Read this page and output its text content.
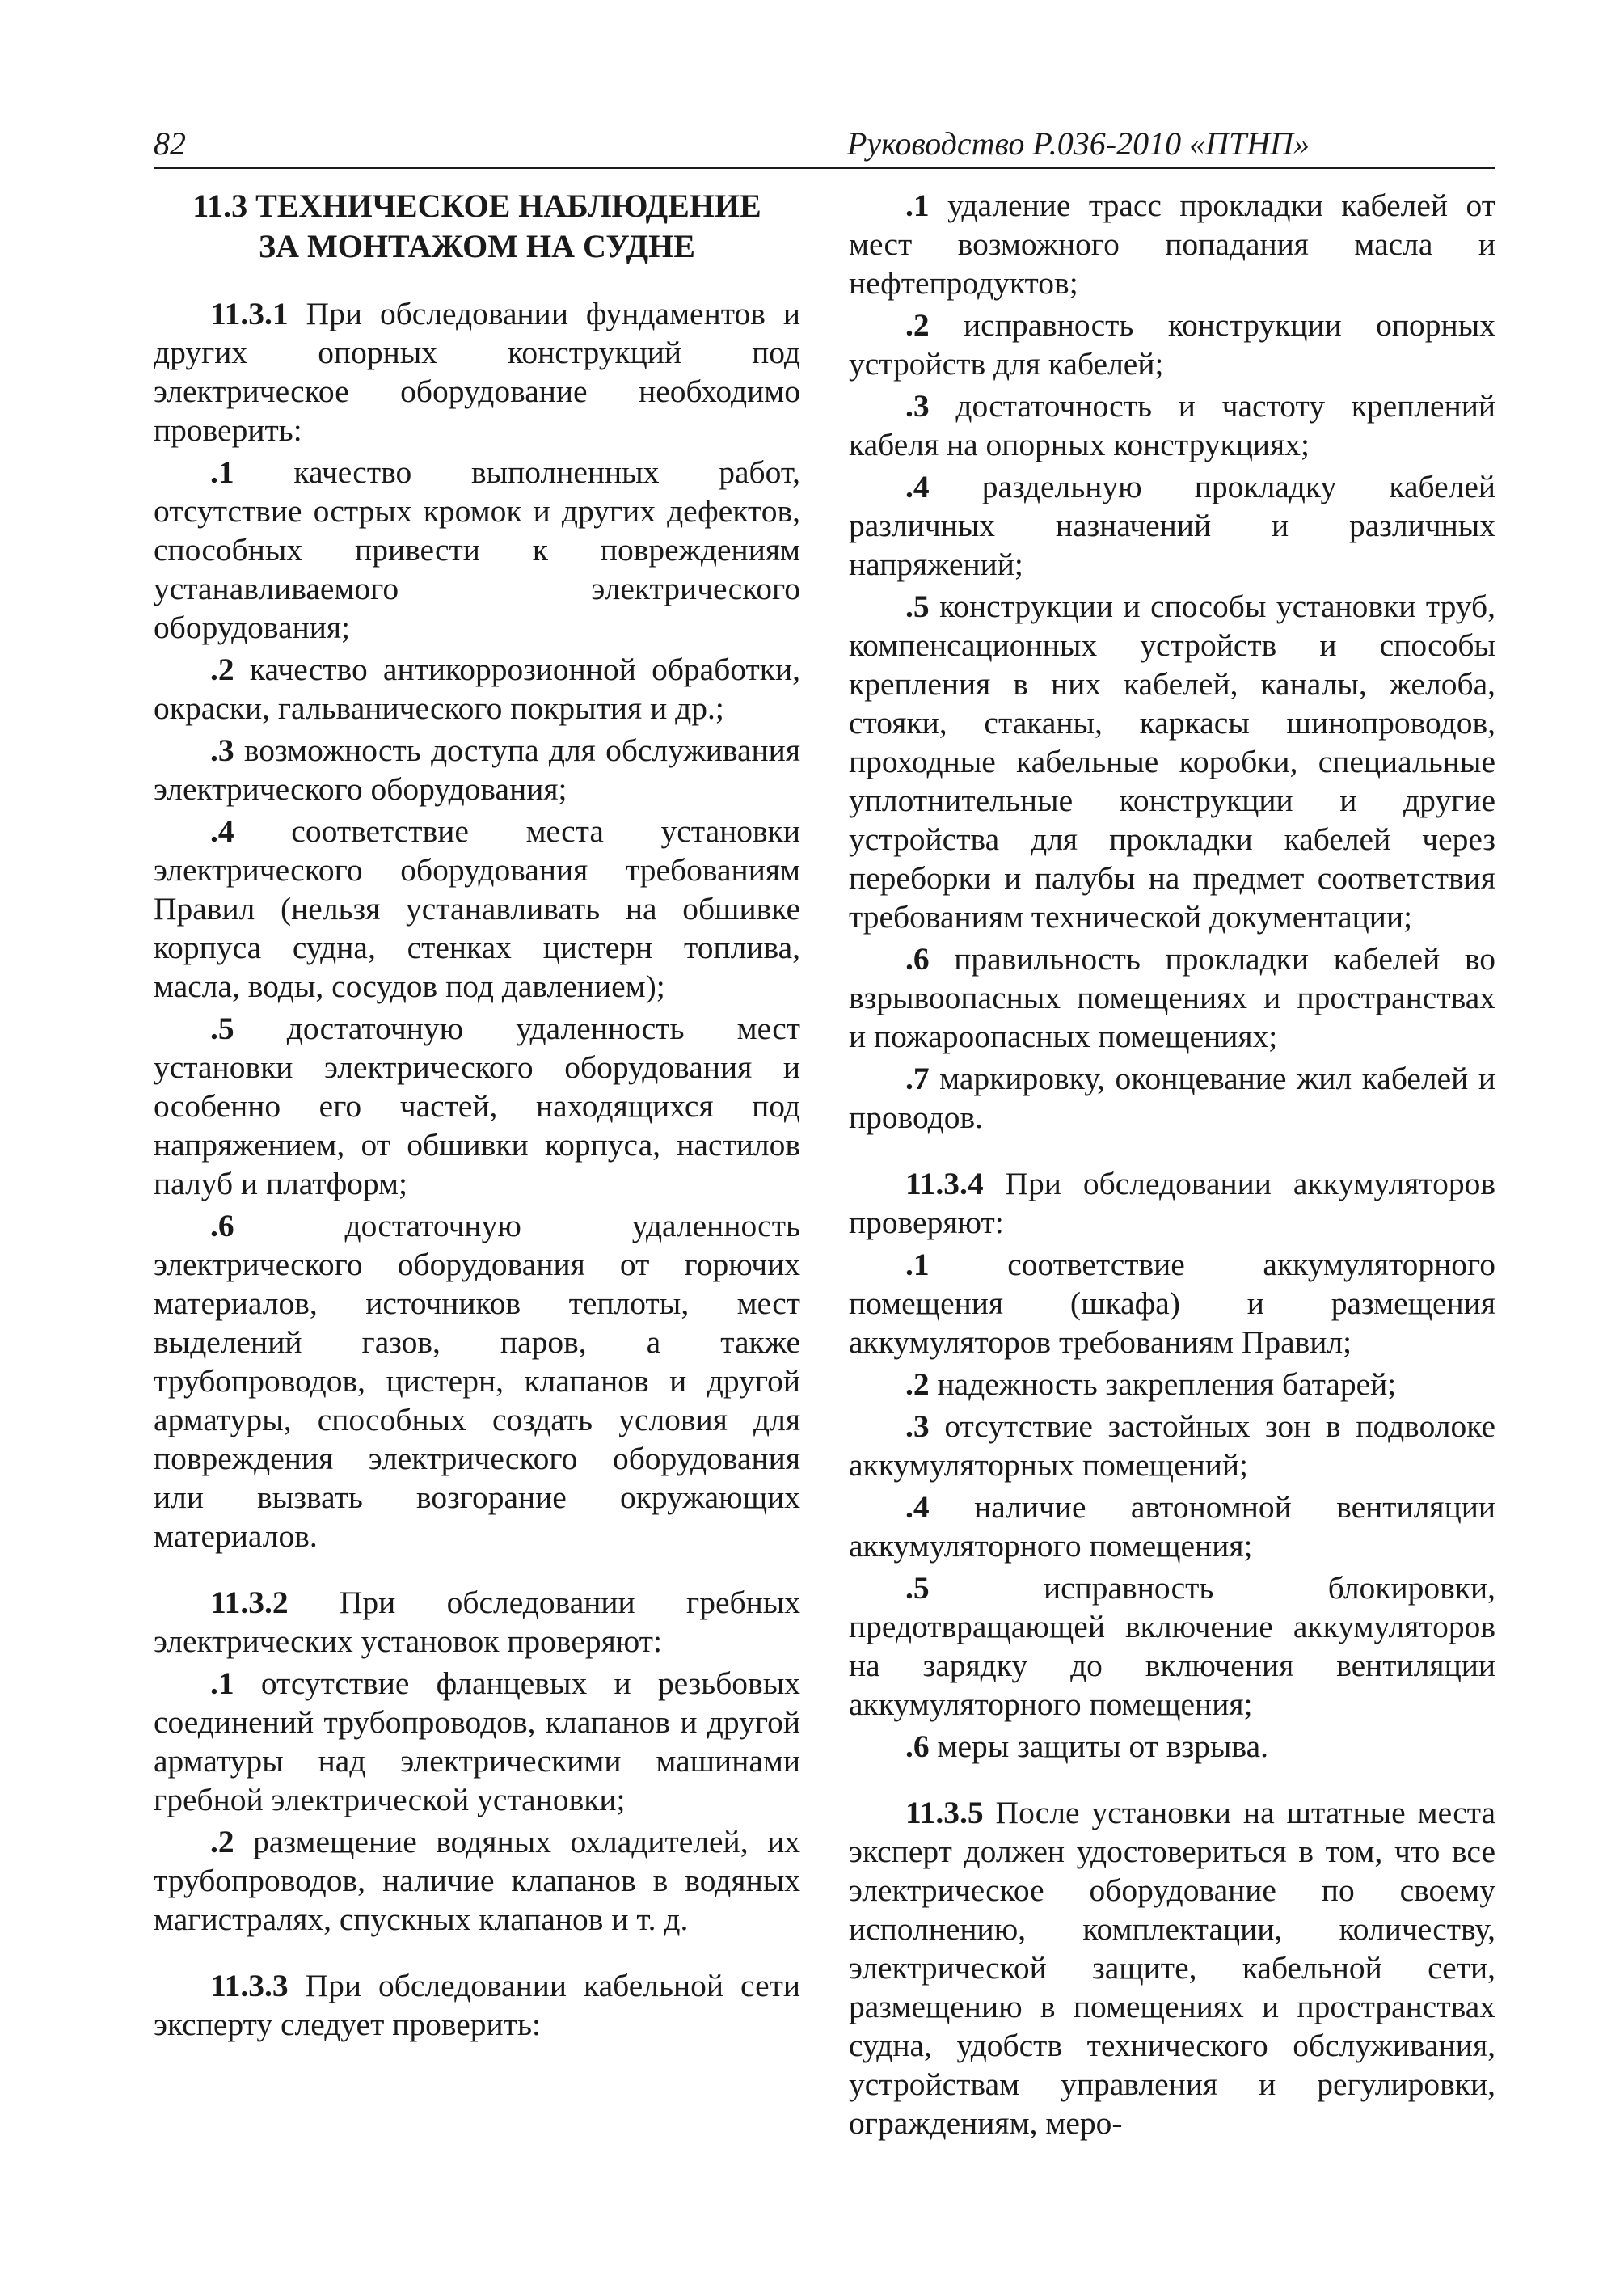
82	Руководство Р.036-2010 «ПТНП»
11.3 ТЕХНИЧЕСКОЕ НАБЛЮДЕНИЕ
ЗА МОНТАЖОМ НА СУДНЕ

11.3.1 При обследовании фундаментов и других опорных конструкций под электрическое оборудование необходимо проверить:

.1 качество выполненных работ, отсутствие острых кромок и других дефектов, способных привести к повреждениям устанавливаемого электрического оборудования;

.2 качество антикоррозионной обработки, окраски, гальванического покрытия и др.;

.3 возможность доступа для обслуживания электрического оборудования;

.4 соответствие места установки электрического оборудования требованиям Правил (нельзя устанавливать на обшивке корпуса судна, стенках цистерн топлива, масла, воды, сосудов под давлением);

.5 достаточную удаленность мест установки электрического оборудования и особенно его частей, находящихся под напряжением, от обшивки корпуса, настилов палуб и платформ;

.6 достаточную удаленность электрического оборудования от горючих материалов, источников теплоты, мест выделений газов, паров, а также трубопроводов, цистерн, клапанов и другой арматуры, способных создать условия для повреждения электрического оборудования или вызвать возгорание окружающих материалов.

11.3.2 При обследовании гребных электрических установок проверяют:

.1 отсутствие фланцевых и резьбовых соединений трубопроводов, клапанов и другой арматуры над электрическими машинами гребной электрической установки;

.2 размещение водяных охладителей, их трубопроводов, наличие клапанов в водяных магистралях, спускных клапанов и т. д.

11.3.3 При обследовании кабельной сети эксперту следует проверить:

.1 удаление трасс прокладки кабелей от мест возможного попадания масла и нефтепродуктов;

.2 исправность конструкции опорных устройств для кабелей;

.3 достаточность и частоту креплений кабеля на опорных конструкциях;

.4 раздельную прокладку кабелей различных назначений и различных напряжений;

.5 конструкции и способы установки труб, компенсационных устройств и способы крепления в них кабелей, каналы, желоба, стояки, стаканы, каркасы шинопроводов, проходные кабельные коробки, специальные уплотнительные конструкции и другие устройства для прокладки кабелей через переборки и палубы на предмет соответствия требованиям технической документации;

.6 правильность прокладки кабелей во взрывоопасных помещениях и пространствах и пожароопасных помещениях;

.7 маркировку, оконцевание жил кабелей и проводов.

11.3.4 При обследовании аккумуляторов проверяют:

.1 соответствие аккумуляторного помещения (шкафа) и размещения аккумуляторов требованиям Правил;

.2 надежность закрепления батарей;

.3 отсутствие застойных зон в подволоке аккумуляторных помещений;

.4 наличие автономной вентиляции аккумуляторного помещения;

.5 исправность блокировки, предотвращающей включение аккумуляторов на зарядку до включения вентиляции аккумуляторного помещения;

.6 меры защиты от взрыва.

11.3.5 После установки на штатные места эксперт должен удостовериться в том, что все электрическое оборудование по своему исполнению, комплектации, количеству, электрической защите, кабельной сети, размещению в помещениях и пространствах судна, удобств технического обслуживания, устройствам управления и регулировки, ограждениям, меро-
